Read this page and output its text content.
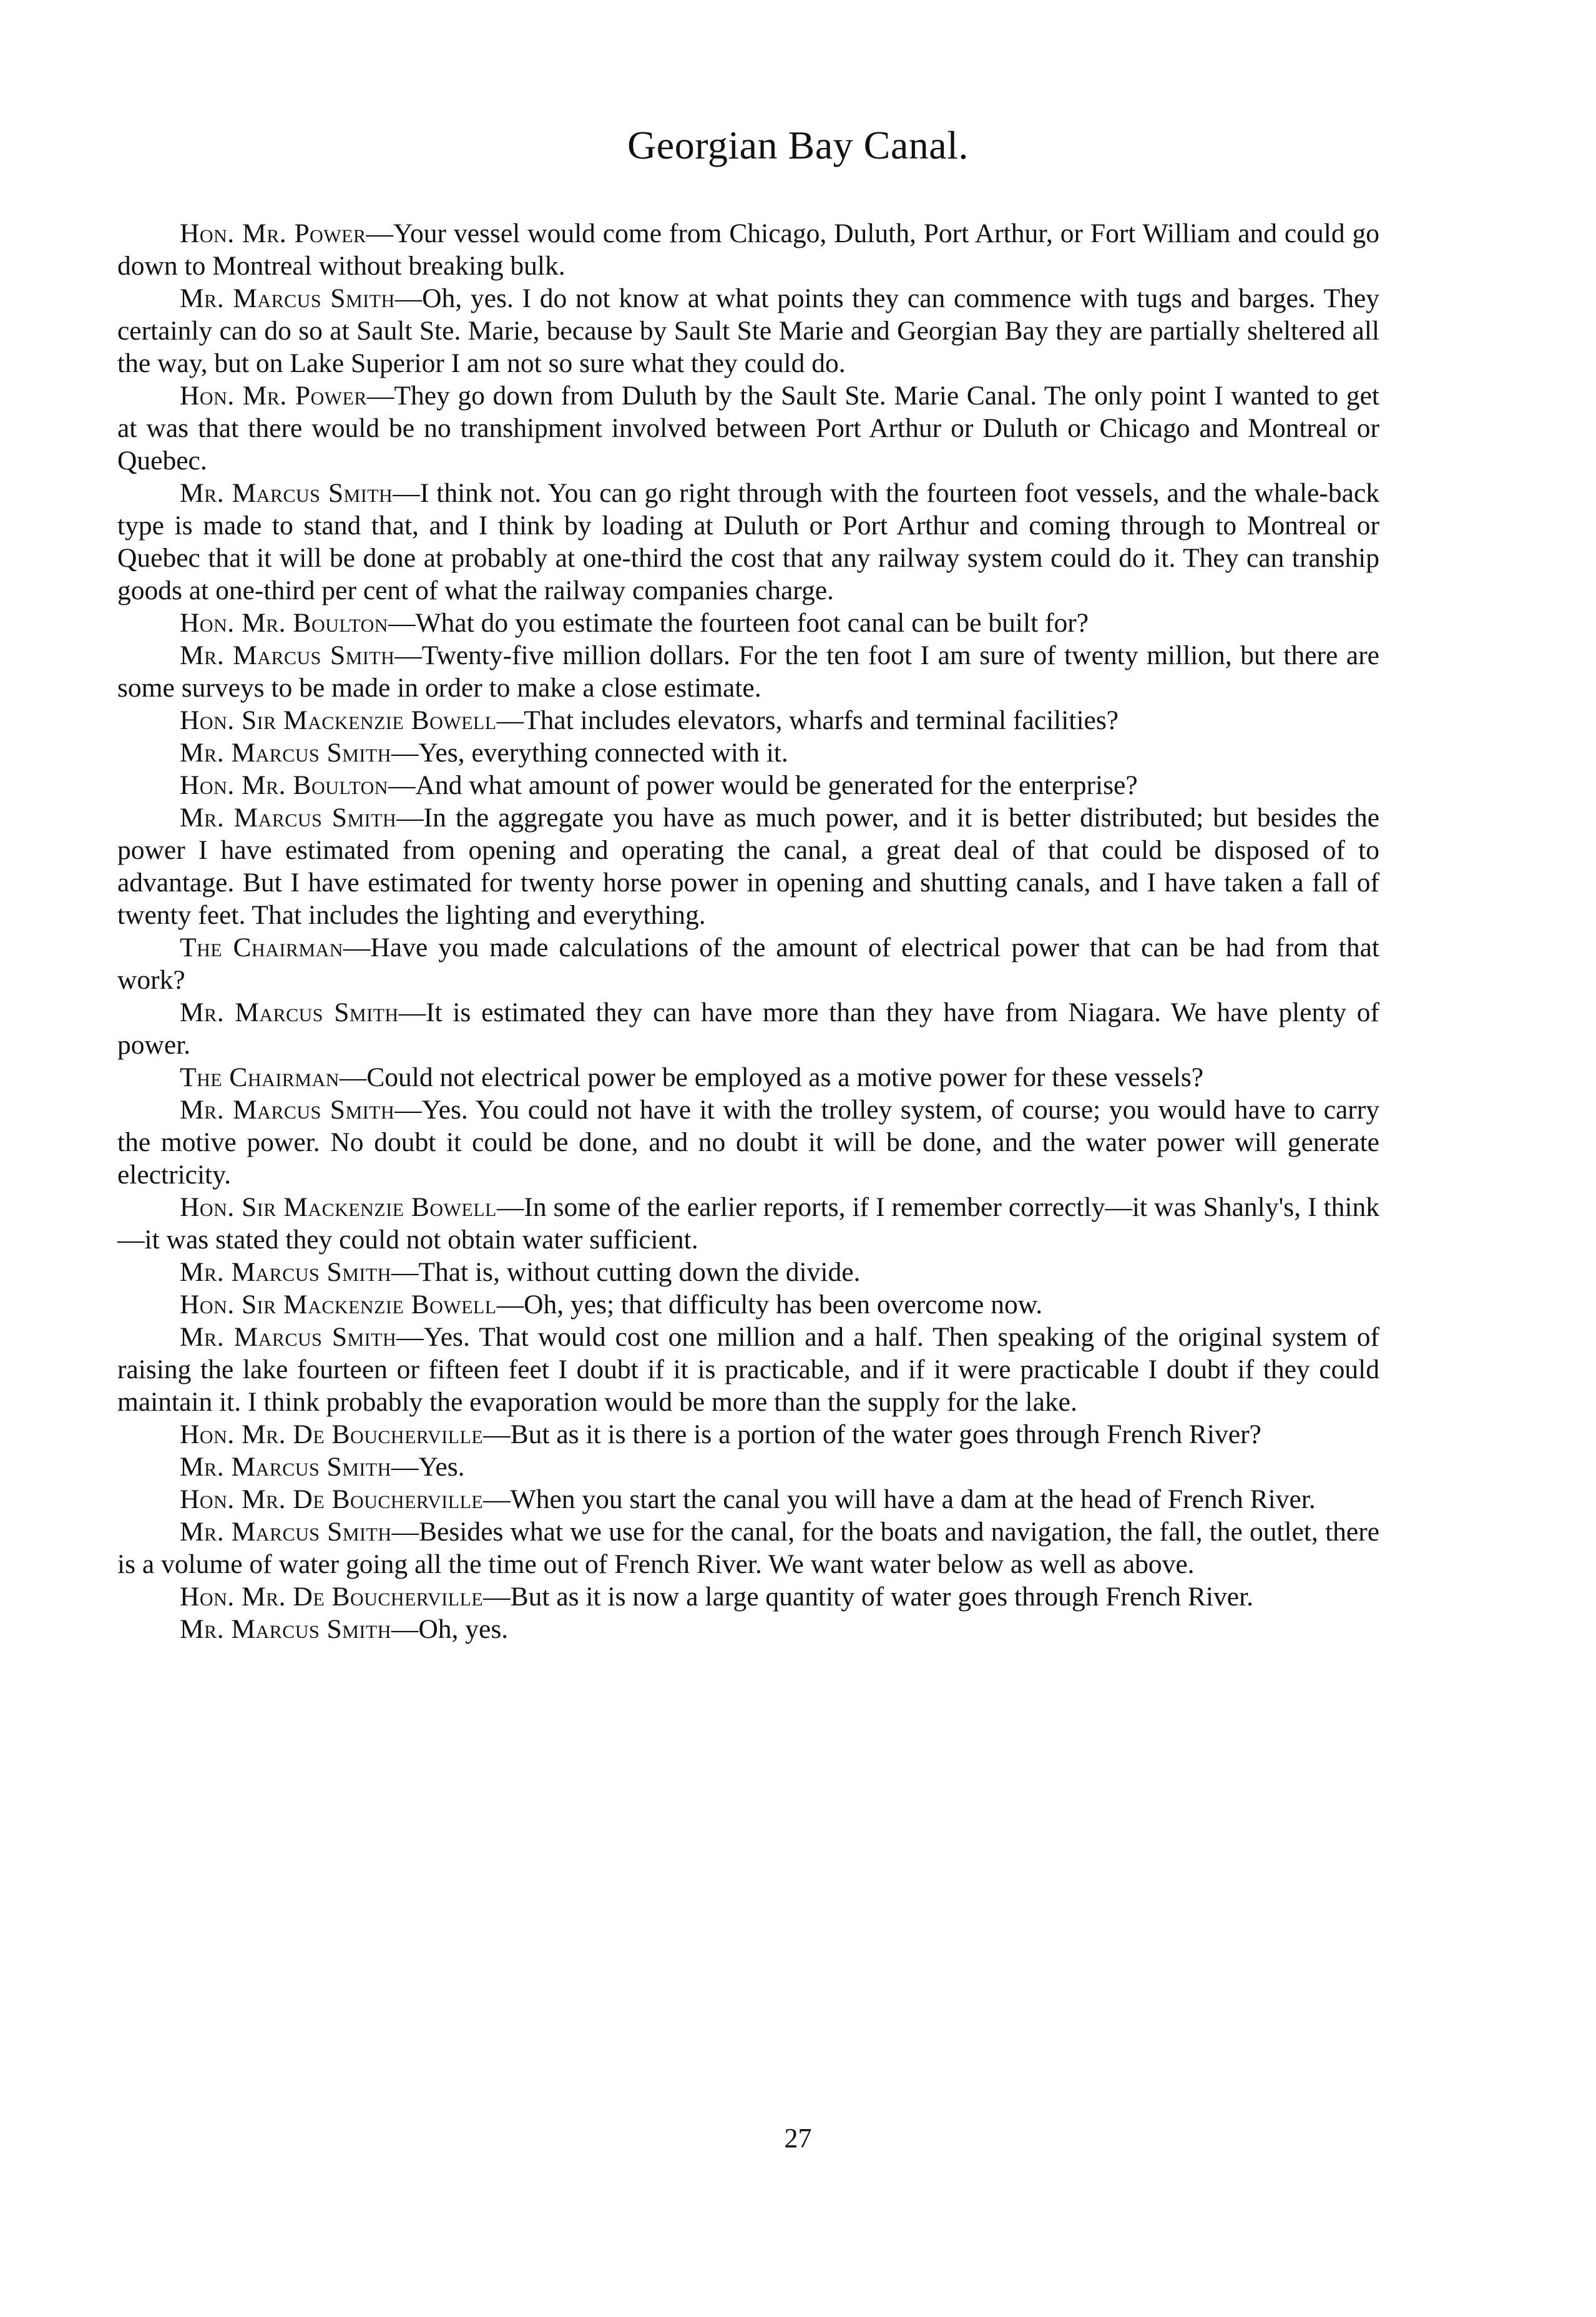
Georgian Bay Canal.

Hon. Mr. Power—Your vessel would come from Chicago, Duluth, Port Arthur, or Fort William and could go down to Montreal without breaking bulk.

Mr. Marcus Smith—Oh, yes. I do not know at what points they can commence with tugs and barges. They certainly can do so at Sault Ste. Marie, because by Sault Ste Marie and Georgian Bay they are partially sheltered all the way, but on Lake Superior I am not so sure what they could do.

Hon. Mr. Power—They go down from Duluth by the Sault Ste. Marie Canal. The only point I wanted to get at was that there would be no transhipment involved between Port Arthur or Duluth or Chicago and Montreal or Quebec.

Mr. Marcus Smith—I think not. You can go right through with the fourteen foot vessels, and the whale-back type is made to stand that, and I think by loading at Duluth or Port Arthur and coming through to Montreal or Quebec that it will be done at probably at one-third the cost that any railway system could do it. They can tranship goods at one-third per cent of what the railway companies charge.

Hon. Mr. Boulton—What do you estimate the fourteen foot canal can be built for?

Mr. Marcus Smith—Twenty-five million dollars. For the ten foot I am sure of twenty million, but there are some surveys to be made in order to make a close estimate.

Hon. Sir Mackenzie Bowell—That includes elevators, wharfs and terminal facilities?

Mr. Marcus Smith—Yes, everything connected with it.

Hon. Mr. Boulton—And what amount of power would be generated for the enterprise?

Mr. Marcus Smith—In the aggregate you have as much power, and it is better distributed; but besides the power I have estimated from opening and operating the canal, a great deal of that could be disposed of to advantage. But I have estimated for twenty horse power in opening and shutting canals, and I have taken a fall of twenty feet. That includes the lighting and everything.

The Chairman—Have you made calculations of the amount of electrical power that can be had from that work?

Mr. Marcus Smith—It is estimated they can have more than they have from Niagara. We have plenty of power.

The Chairman—Could not electrical power be employed as a motive power for these vessels?

Mr. Marcus Smith—Yes. You could not have it with the trolley system, of course; you would have to carry the motive power. No doubt it could be done, and no doubt it will be done, and the water power will generate electricity.

Hon. Sir Mackenzie Bowell—In some of the earlier reports, if I remember correctly—it was Shanly's, I think—it was stated they could not obtain water sufficient.

Mr. Marcus Smith—That is, without cutting down the divide.

Hon. Sir Mackenzie Bowell—Oh, yes; that difficulty has been overcome now.

Mr. Marcus Smith—Yes. That would cost one million and a half. Then speaking of the original system of raising the lake fourteen or fifteen feet I doubt if it is practicable, and if it were practicable I doubt if they could maintain it. I think probably the evaporation would be more than the supply for the lake.

Hon. Mr. De Boucherville—But as it is there is a portion of the water goes through French River?

Mr. Marcus Smith—Yes.

Hon. Mr. De Boucherville—When you start the canal you will have a dam at the head of French River.

Mr. Marcus Smith—Besides what we use for the canal, for the boats and navigation, the fall, the outlet, there is a volume of water going all the time out of French River. We want water below as well as above.

Hon. Mr. De Boucherville—But as it is now a large quantity of water goes through French River.

Mr. Marcus Smith—Oh, yes.

27
